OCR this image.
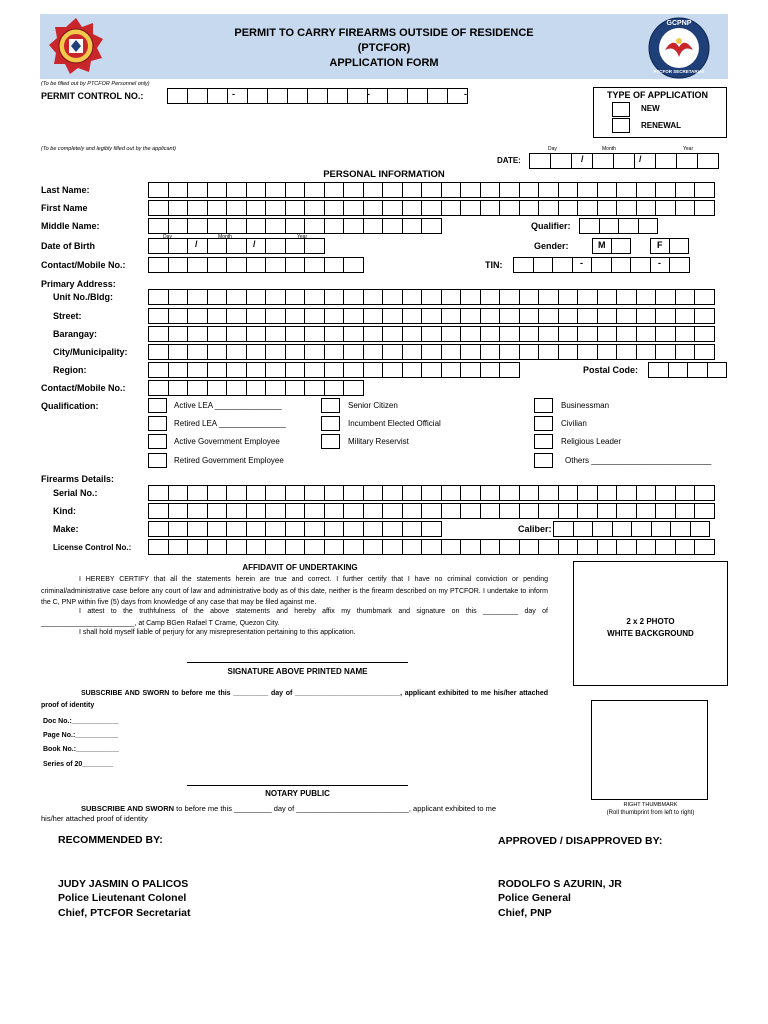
GCPNP
PTCFOR SECRETARIAT
PERMIT TO CARRY FIREARMS OUTSIDE OF RESIDENCE
(PTCFOR)
APPLICATION FORM
(To be filled out by PTCFOR Personnel only)
PERMIT CONTROL NO.:	-	-	-	TYPE OF APPLICATION
NEW
RENEWAL
(To be completely and legibly filled out by the applicant)	Day	Month	Year
DATE:	/	/
PERSONAL INFORMATION
Last Name:
First Name
Middle Name:	Qualifier:
Day	Month	Year
Date of Birth	/	/	Gender:	M	F
Contact/Mobile No.:	TIN:	-	-
Primary Address:
Unit No./Bldg:
Street:
Barangay:
City/Municipality:
Region:	Postal Code:
Contact/Mobile No.:
Qualification:	Active LEA _______________
Retired LEA _______________
Active Government Employee
Retired Government Employee
Senior Citizen
Incumbent Elected Official
Military Reservist
Businessman
Civilian
Religious Leader
Others ___________________________
Firearms Details:
Serial No.:
Kind:
Make:	Caliber:
License Control No.:
AFFIDAVIT OF UNDERTAKING
I HEREBY CERTIFY that all the statements herein are true and correct. I further certify that I have no criminal conviction or pending criminal/administrative case before any court of law and administrative body as of this date, neither is the firearm described on my PTCFOR. I undertake to inform the C, PNP within five (5) days from knowledge of any case that may be filed against me.
I attest to the truthfulness of the above statements and hereby affix my thumbmark and signature on this _________ day of ________________________, at Camp BGen Rafael T Crame, Quezon City.
I shall hold myself liable of perjury for any misrepresentation pertaining to this application.
SIGNATURE ABOVE PRINTED NAME
SUBSCRIBE AND SWORN to before me this _________ day of ___________________________, applicant exhibited to me his/her attached proof of identity
Doc No.:____________
Page No.:___________
Book No.:___________
Series of 20________
NOTARY PUBLIC
SUBSCRIBE AND SWORN to before me this _________ day of ___________________________, applicant exhibited to me
his/her attached proof of identity
2 x 2 PHOTO
WHITE BACKGROUND
RIGHT THUMBMARK
(Roll thumbprint from left to right)
RECOMMENDED BY:
JUDY JASMIN O PALICOS
Police Lieutenant Colonel
Chief, PTCFOR Secretariat
APPROVED / DISAPPROVED BY:
RODOLFO S AZURIN, JR
Police General
Chief, PNP
